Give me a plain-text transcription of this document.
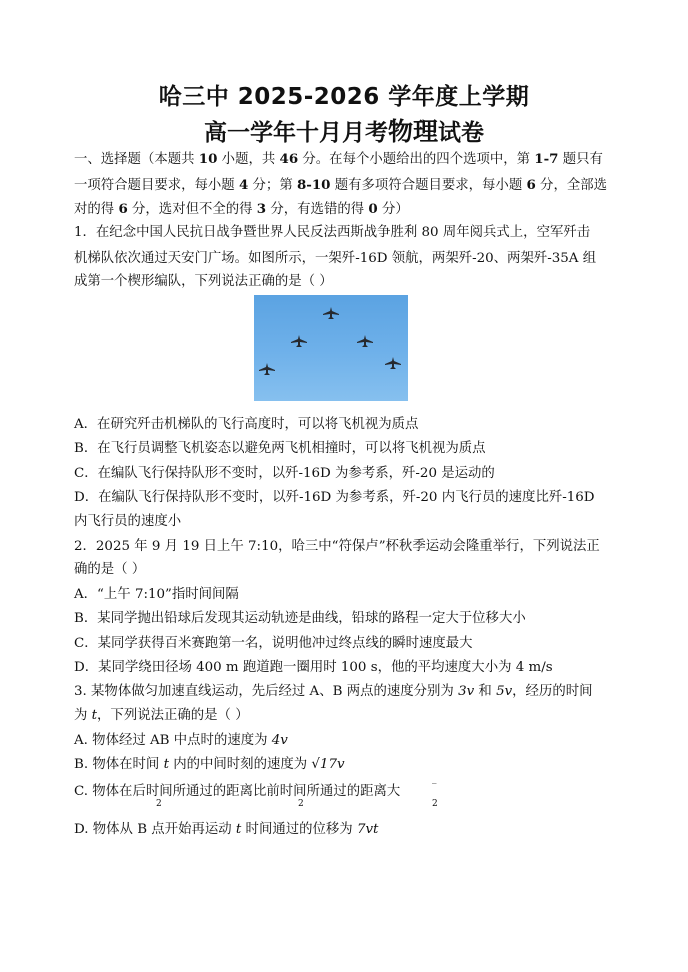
哈三中 2025-2026 学年度上学期
高一学年十月月考物理试卷
一、选择题（本题共 10 小题，共 46 分。在每个小题给出的四个选项中，第 1-7 题只有
一项符合题目要求，每小题 4 分；第 8-10 题有多项符合题目要求，每小题 6 分，全部选
对的得 6 分，选对但不全的得 3 分，有选错的得 0 分）
1．在纪念中国人民抗日战争暨世界人民反法西斯战争胜利 80 周年阅兵式上，空军歼击
机梯队依次通过天安门广场。如图所示，一架歼-16D 领航，两架歼-20、两架歼-35A 组
成第一个楔形编队，下列说法正确的是（ ）
A．在研究歼击机梯队的飞行高度时，可以将飞机视为质点
B．在飞行员调整飞机姿态以避免两飞机相撞时，可以将飞机视为质点
C．在编队飞行保持队形不变时，以歼-16D 为参考系，歼-20 是运动的
D．在编队飞行保持队形不变时，以歼-16D 为参考系，歼-20 内飞行员的速度比歼-16D
内飞行员的速度小
2．2025 年 9 月 19 日上午 7:10，哈三中“符保卢”杯秋季运动会隆重举行，下列说法正
确的是（ ）
A．“上午 7:10”指时间间隔
B．某同学抛出铅球后发现其运动轨迹是曲线，铅球的路程一定大于位移大小
C．某同学获得百米赛跑第一名，说明他冲过终点线的瞬时速度最大
D．某同学绕田径场 400 m 跑道跑一圈用时 100 s，他的平均速度大小为 4 m/s
3. 某物体做匀加速直线运动，先后经过 A、B 两点的速度分别为 3v 和 5v，经历的时间
为 t，下列说法正确的是（ ）
A. 物体经过 AB 中点时的速度为 4v
B. 物体在时间 t 内的中间时刻的速度为 √17v
C. 物体在后时间所通过的距离比前时间所通过的距离大
2	2
‾
2
D. 物体从 B 点开始再运动 t 时间通过的位移为 7vt
